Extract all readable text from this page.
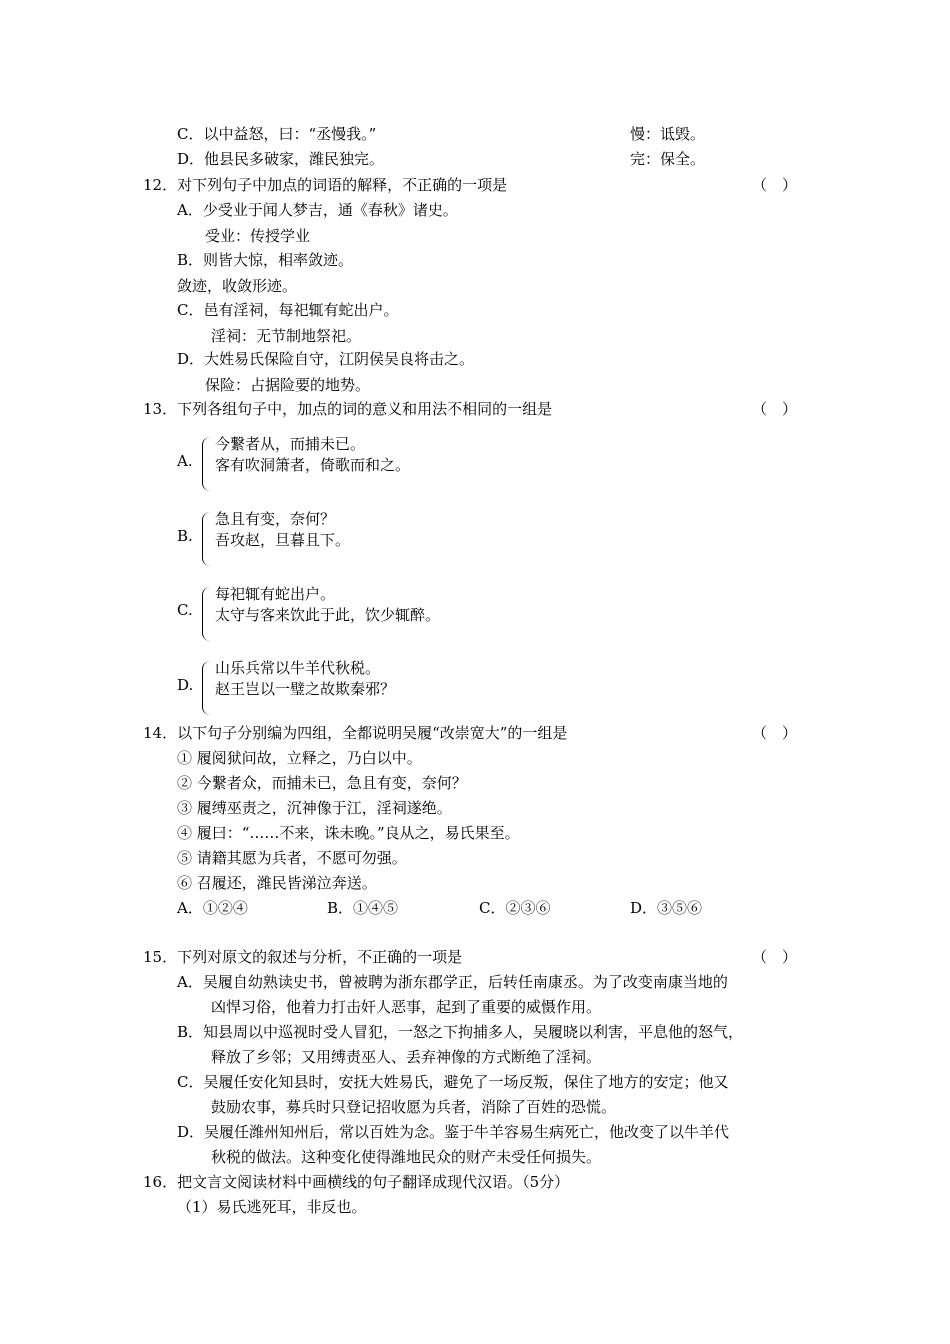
C．以中益怒，曰：“丞慢我。”	慢：诋毁。
D．他县民多破家，潍民独完。	完：保全。
12．对下列句子中加点的词语的解释，不正确的一项是	（　）
A．少受业于闻人梦吉，通《春秋》诸史。
受业：传授学业
B．则皆大惊，相率敛迹。
敛迹，收敛形迹。
C．邑有淫祠，每祀辄有蛇出户。
淫祠：无节制地祭祀。
D．大姓易氏保险自守，江阴侯吴良将击之。
保险：占据险要的地势。
13．下列各组句子中，加点的词的意义和用法不相同的一组是	（　）
A.
今繋者从，而捕未已。
客有吹洞箫者，倚歌而和之。
B.
急且有变，奈何？
吾攻赵，旦暮且下。
C.
每祀辄有蛇出户。
太守与客来饮此于此，饮少辄醉。
D.
山乐兵常以牛羊代秋税。
赵王岂以一璧之故欺秦邪？
14．以下句子分别编为四组，全都说明吴履“改崇宽大”的一组是	（　）
① 履阅狱问故，立释之，乃白以中。
② 今繋者众，而捕未已，急且有变，奈何？
③ 履缚巫责之，沉神像于江，淫祠遂绝。
④ 履曰：“……不来，诛未晚。”良从之，易氏果至。
⑤ 请籍其愿为兵者，不愿可勿强。
⑥ 召履还，潍民皆涕泣奔送。
A．①②④	B．①④⑤	C．②③⑥	D．③⑤⑥
15．下列对原文的叙述与分析，不正确的一项是	（　）
A．吴履自幼熟读史书，曾被聘为浙东郡学正，后转任南康丞。为了改变南康当地的
凶悍习俗，他着力打击奸人恶事，起到了重要的威慑作用。
B．知县周以中巡视时受人冒犯，一怒之下拘捕多人，吴履晓以利害，平息他的怒气，
释放了乡邻；又用缚责巫人、丢弃神像的方式断绝了淫祠。
C．吴履任安化知县时，安抚大姓易氏，避免了一场反叛，保住了地方的安定；他又
鼓励农事，募兵时只登记招收愿为兵者，消除了百姓的恐慌。
D．吴履任潍州知州后，常以百姓为念。鉴于牛羊容易生病死亡，他改变了以牛羊代
秋税的做法。这种变化使得潍地民众的财产未受任何损失。
16．把文言文阅读材料中画横线的句子翻译成现代汉语。（5分）
（1）易氏逃死耳，非反也。
